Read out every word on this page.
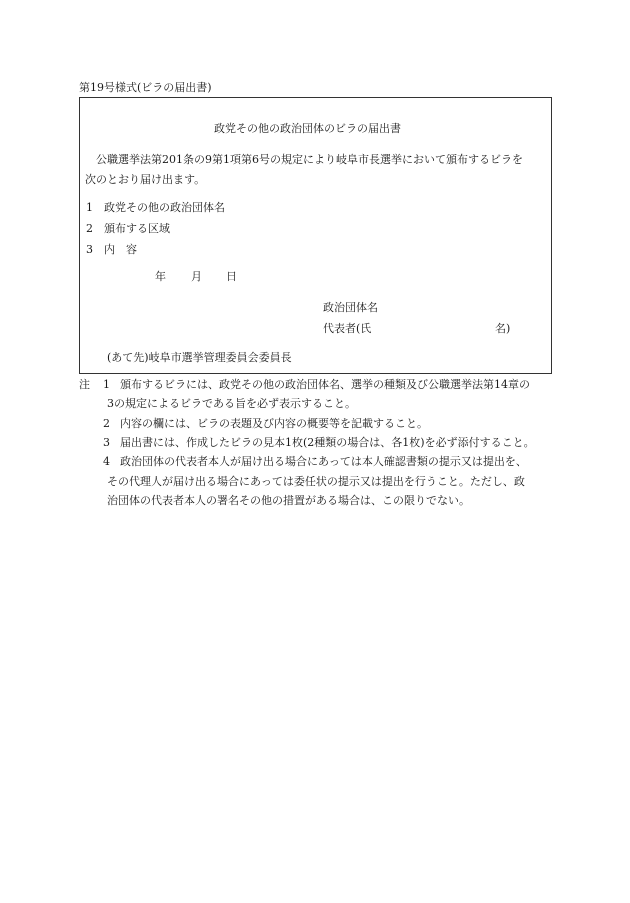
第19号様式(ビラの届出書)
政党その他の政治団体のビラの届出書
公職選挙法第201条の9第1項第6号の規定により岐阜市長選挙において頒布するビラを
次のとおり届け出ます。
1 政党その他の政治団体名
2 頒布する区域
3 内　容
年 月 日
政治団体名
代表者(氏	名)
(あて先)岐阜市選挙管理委員会委員長
注 1 頒布するビラには、政党その他の政治団体名、選挙の種類及び公職選挙法第14章の
3の規定によるビラである旨を必ず表示すること。
2 内容の欄には、ビラの表題及び内容の概要等を記載すること。
3 届出書には、作成したビラの見本1枚(2種類の場合は、各1枚)を必ず添付すること。
4 政治団体の代表者本人が届け出る場合にあっては本人確認書類の提示又は提出を、
その代理人が届け出る場合にあっては委任状の提示又は提出を行うこと。ただし、政
治団体の代表者本人の署名その他の措置がある場合は、この限りでない。
